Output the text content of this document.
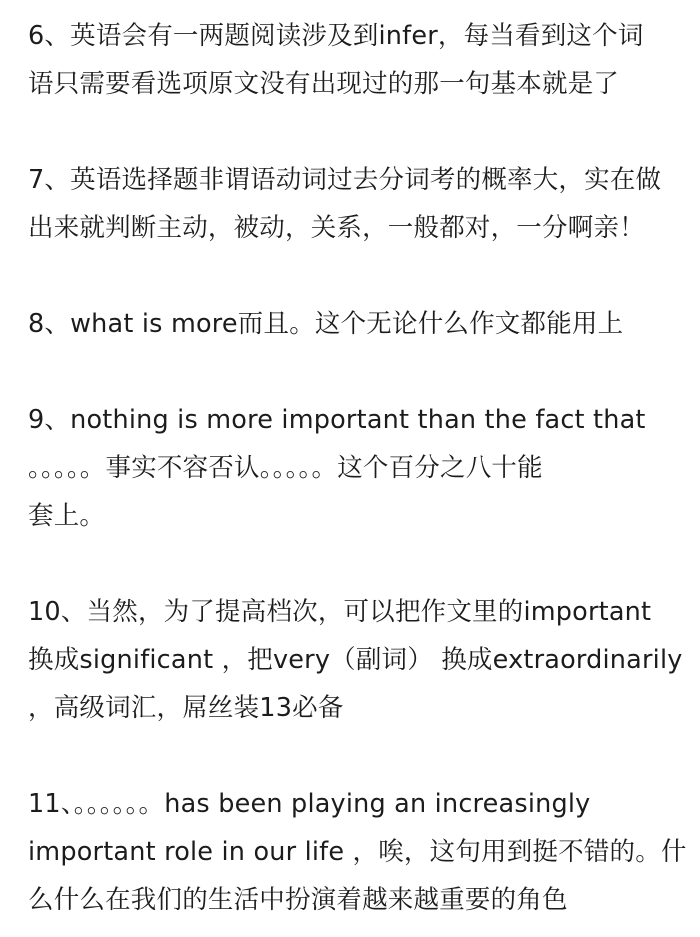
6、英语会有一两题阅读涉及到infer，每当看到这个词
语只需要看选项原文没有出现过的那一句基本就是了
7、英语选择题非谓语动词过去分词考的概率大，实在做
出来就判断主动，被动，关系，一般都对，一分啊亲！
8、what is more而且。这个无论什么作文都能用上
9、nothing is more important than the fact that
。。。。。事实不容否认。。。。。这个百分之八十能
套上。
10、当然，为了提高档次，可以把作文里的important
换成significant ，把very（副词） 换成extraordinarily
，高级词汇，屌丝装13必备
11、。。。。。。has been playing an increasingly
important role in our life ，唉，这句用到挺不错的。什
么什么在我们的生活中扮演着越来越重要的角色
